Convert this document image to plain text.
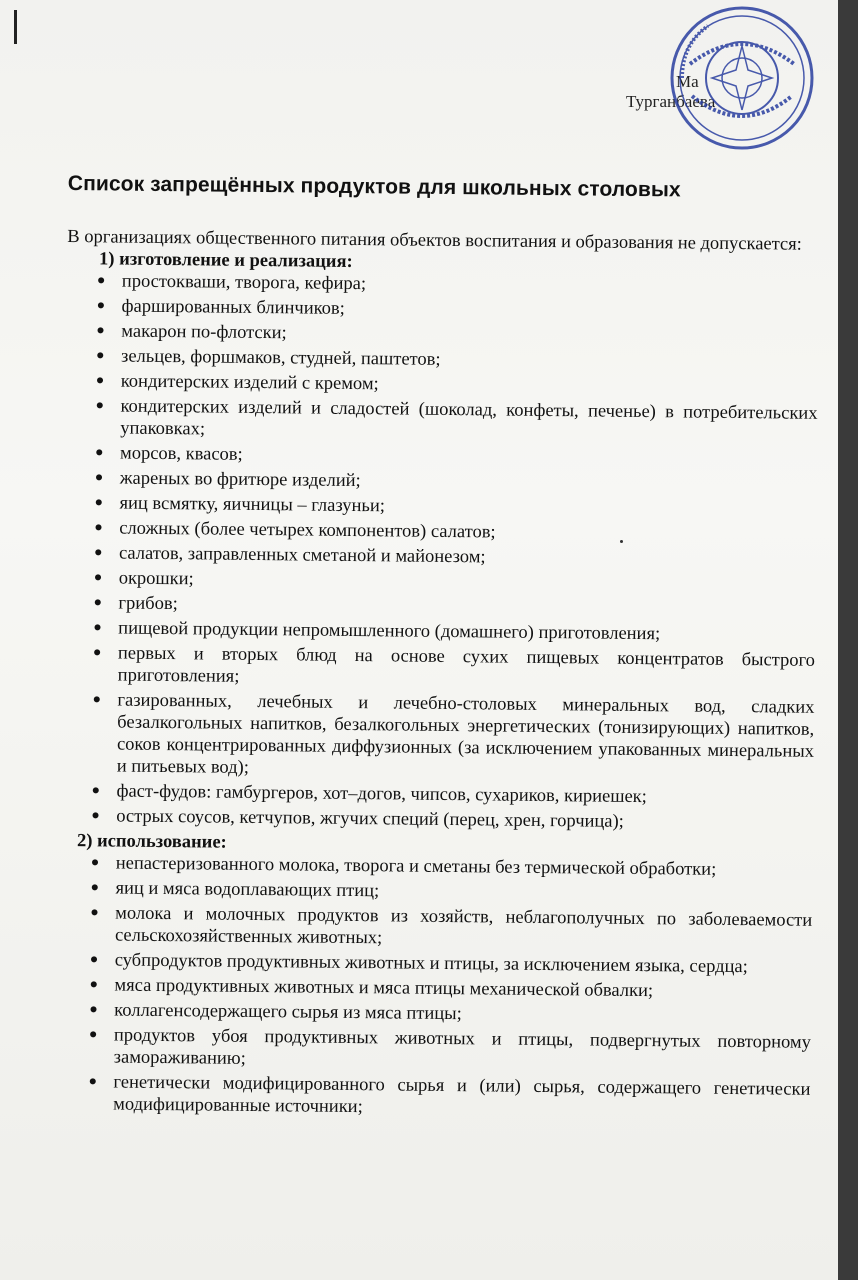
Ма
Турганбаева
Список запрещённых продуктов для школьных столовых

В организациях общественного питания объектов воспитания и образования не допускается:

1) изготовление и реализация:
● простокваши, творога, кефира;
● фаршированных блинчиков;
● макарон по-флотски;
● зельцев, форшмаков, студней, паштетов;
● кондитерских изделий с кремом;
● кондитерских изделий и сладостей (шоколад, конфеты, печенье) в потребительских упаковках;
● морсов, квасов;
● жареных во фритюре изделий;
● яиц всмятку, яичницы – глазуньи;
● сложных (более четырех компонентов) салатов;
● салатов, заправленных сметаной и майонезом;
● окрошки;
● грибов;
● пищевой продукции непромышленного (домашнего) приготовления;
● первых и вторых блюд на основе сухих пищевых концентратов быстрого приготовления;
● газированных, лечебных и лечебно-столовых минеральных вод, сладких безалкогольных напитков, безалкогольных энергетических (тонизирующих) напитков, соков концентрированных диффузионных (за исключением упакованных минеральных и питьевых вод);
● фаст-фудов: гамбургеров, хот–догов, чипсов, сухариков, кириешек;
● острых соусов, кетчупов, жгучих специй (перец, хрен, горчица);
2) использование:
● непастеризованного молока, творога и сметаны без термической обработки;
● яиц и мяса водоплавающих птиц;
● молока и молочных продуктов из хозяйств, неблагополучных по заболеваемости сельскохозяйственных животных;
● субпродуктов продуктивных животных и птицы, за исключением языка, сердца;
● мяса продуктивных животных и мяса птицы механической обвалки;
● коллагенсодержащего сырья из мяса птицы;
● продуктов убоя продуктивных животных и птицы, подвергнутых повторному замораживанию;
● генетически модифицированного сырья и (или) сырья, содержащего генетически модифицированные источники;
